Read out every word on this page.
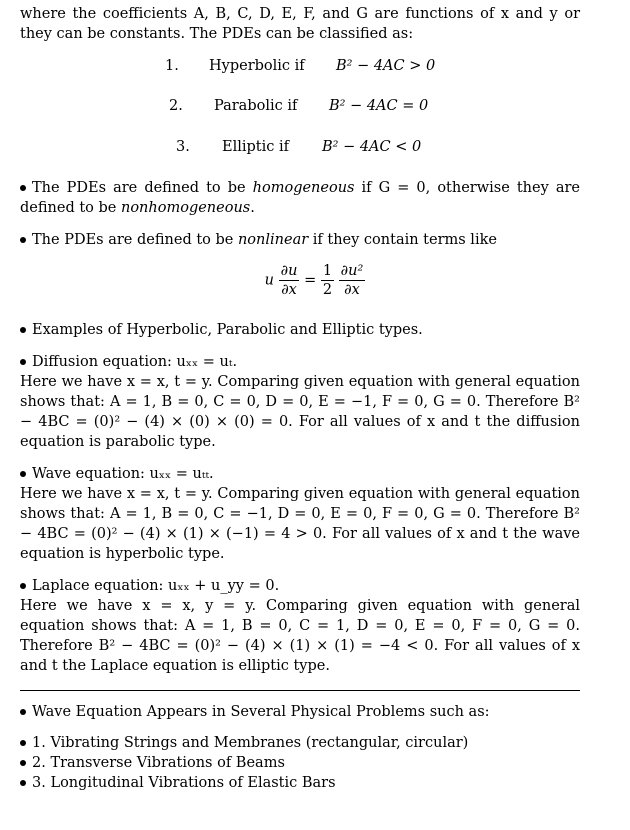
where the coefficients A, B, C, D, E, F, and G are functions of x and y or they can be constants. The PDEs can be classified as:
1. Hyperbolic if B² − 4AC > 0
2. Parabolic if B² − 4AC = 0
3. Elliptic if B² − 4AC < 0
The PDEs are defined to be homogeneous if G = 0, otherwise they are defined to be nonhomogeneous.
The PDEs are defined to be nonlinear if they contain terms like
u $\frac{\partial u}{\partial x} = \frac{1}{2}$
$\frac{\text{∂u²}}{\partial x}$
Examples of Hyperbolic, Parabolic and Elliptic types.
Diffusion equation: uₓₓ = uₜ.
Here we have x = x, t = y. Comparing given equation with general equation shows that: A = 1, B = 0, C = 0, D = 0, E = −1, F = 0, G = 0. Therefore B² − 4BC = (0)² − (4) × (0) × (0) = 0. For all values of x and t the diffusion equation is parabolic type.
Wave equation: uₓₓ = uₜₜ.
Here we have x = x, t = y. Comparing given equation with general equation shows that: A = 1, B = 0, C = −1, D = 0, E = 0, F = 0, G = 0. Therefore B² − 4BC = (0)² − (4) × (1) × (−1) = 4 > 0. For all values of x and t the wave equation is hyperbolic type.
Laplace equation: uₓₓ + u_yy = 0.
Here we have x = x, y = y. Comparing given equation with general equation shows that: A = 1, B = 0, C = 1, D = 0, E = 0, F = 0, G = 0. Therefore B² − 4BC = (0)² − (4) × (1) × (1) = −4 < 0. For all values of x and t the Laplace equation is elliptic type.
Wave Equation Appears in Several Physical Problems such as:
1. Vibrating Strings and Membranes (rectangular, circular)
2. Transverse Vibrations of Beams
3. Longitudinal Vibrations of Elastic Bars
